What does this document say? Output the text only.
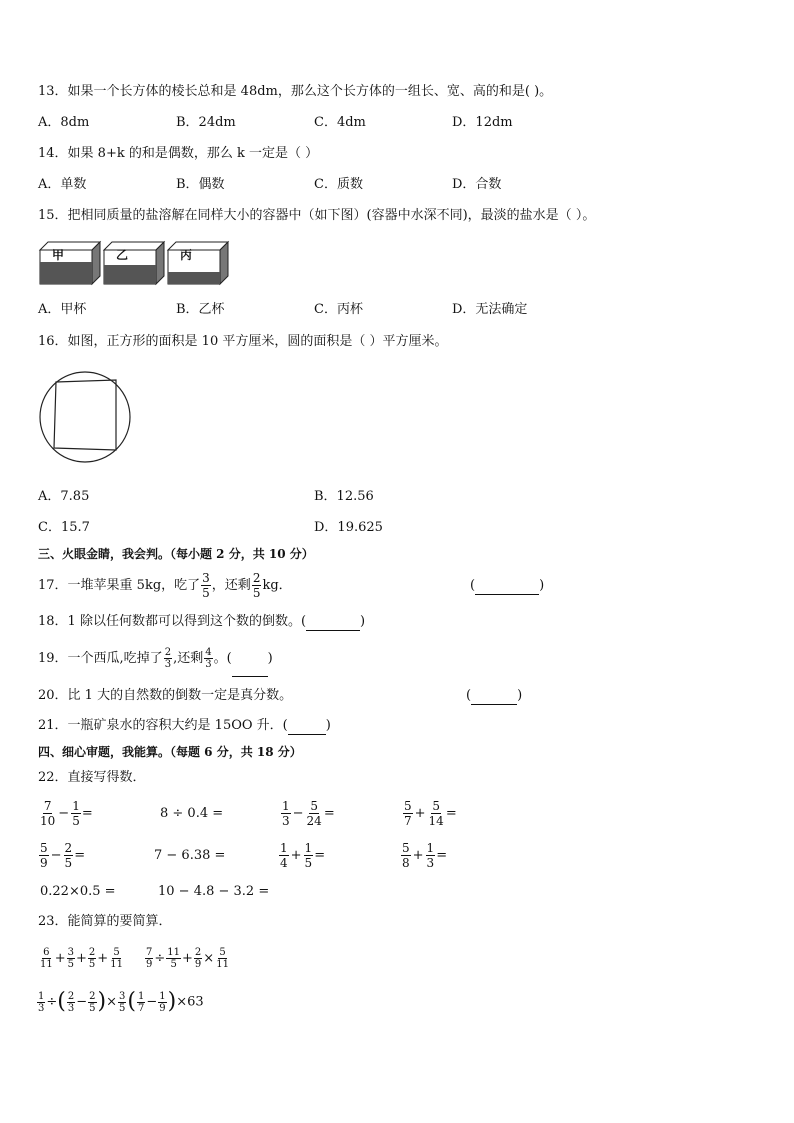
13．如果一个长方体的棱长总和是 48dm，那么这个长方体的一组长、宽、高的和是( )。
A．8dm	B．24dm	C．4dm	D．12dm
14．如果 8+k 的和是偶数，那么 k 一定是（ ）
A．单数	B．偶数	C．质数	D．合数
15．把相同质量的盐溶解在同样大小的容器中（如下图）(容器中水深不同)，最淡的盐水是（ ）。
甲	乙	丙
A．甲杯	B．乙杯	C．丙杯	D．无法确定
16．如图，正方形的面积是 10 平方厘米，圆的面积是（ ）平方厘米。
A．7.85	B．12.56
C．15.7	D．19.625
三、火眼金睛，我会判。（每小题 2 分，共 10 分）
17．一堆苹果重 5kg，吃了 $\frac{3}{5}$ ，还剩 $\frac{2}{5}$ kg．	(	)
18．1 除以任何数都可以得到这个数的倒数。(	)
19．一个西瓜,吃掉了 $\frac{2}{3}$ ,还剩 $\frac{4}{3}$ 。(	)
20．比 1 大的自然数的倒数一定是真分数。	(	)
21．一瓶矿泉水的容积大约是 15OO 升．(	)
四、细心审题，我能算。（每题 6 分，共 18 分）
22．直接写得数．
$\frac{7}{10} - \frac{1}{5}$ =	8 ÷ 0.4 =	$\frac{1}{3} - \frac{5}{24}$ =	$\frac{5}{7} + \frac{5}{14}$ =
$\frac{5}{9} - \frac{2}{5}$ =	7 − 6.38 =	$\frac{1}{4} + \frac{1}{5}$ =	$\frac{5}{8} + \frac{1}{3}$ =
0.22×0.5 =	10 − 4.8 − 3.2 =
23．能简算的要简算．
$\frac{6}{11} + \frac{3}{5} + \frac{2}{5} + \frac{5}{11} \frac{7}{9} \div \frac{11}{5} + \frac{2}{9} \times \frac{5}{11}$
$\frac{1}{3}$ ÷( $\frac{2}{3} - \frac{2}{5}$ )× $\frac{3}{5}$ ( $\frac{1}{7} - \frac{1}{9} )\times 63$
